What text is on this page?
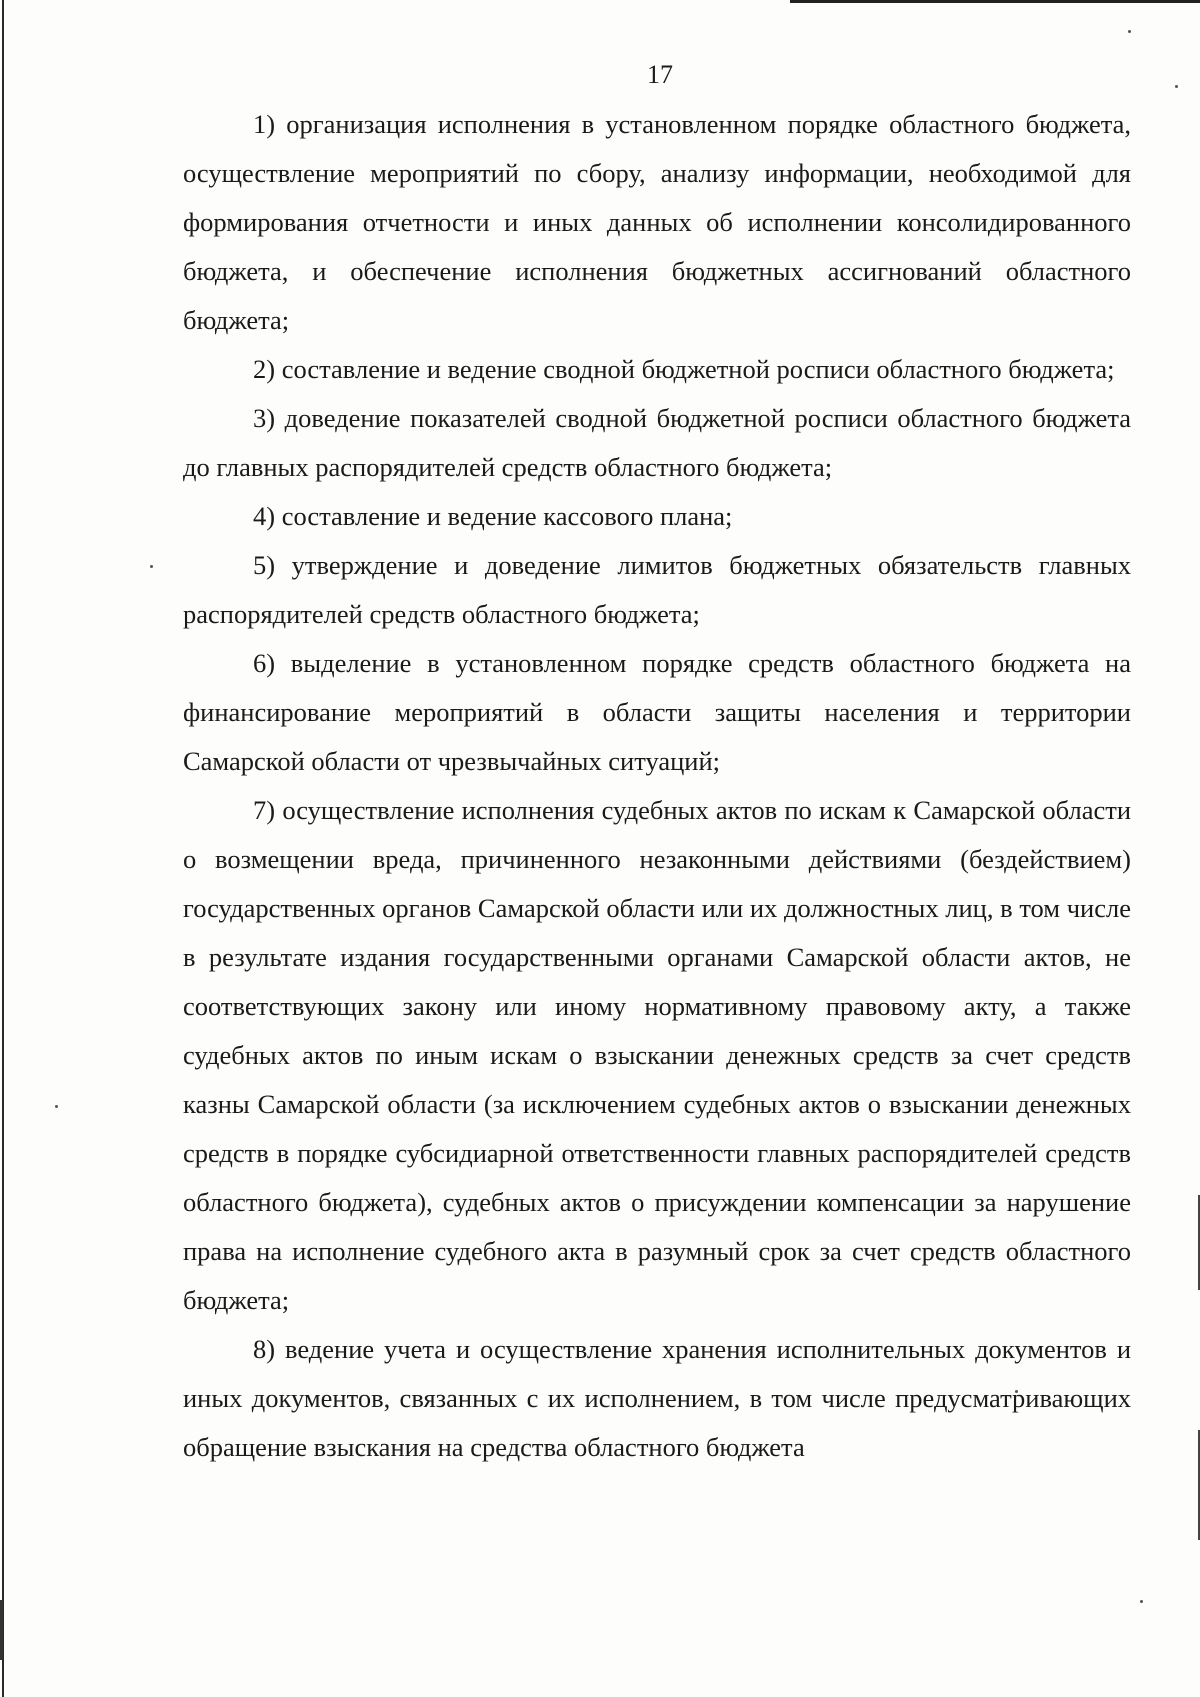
17

1) организация исполнения в установленном порядке областного бюджета, осуществление мероприятий по сбору, анализу информации, необходимой для формирования отчетности и иных данных об исполнении консолидированного бюджета, и обеспечение исполнения бюджетных ассигнований областного бюджета;

2) составление и ведение сводной бюджетной росписи областного бюджета;

3) доведение показателей сводной бюджетной росписи областного бюджета до главных распорядителей средств областного бюджета;

4) составление и ведение кассового плана;

5) утверждение и доведение лимитов бюджетных обязательств главных распорядителей средств областного бюджета;

6) выделение в установленном порядке средств областного бюджета на финансирование мероприятий в области защиты населения и территории Самарской области от чрезвычайных ситуаций;

7) осуществление исполнения судебных актов по искам к Самарской области о возмещении вреда, причиненного незаконными действиями (бездействием) государственных органов Самарской области или их должностных лиц, в том числе в результате издания государственными органами Самарской области актов, не соответствующих закону или иному нормативному правовому акту, а также судебных актов по иным искам о взыскании денежных средств за счет средств казны Самарской области (за исключением судебных актов о взыскании денежных средств в порядке субсидиарной ответственности главных распорядителей средств областного бюджета), судебных актов о присуждении компенсации за нарушение права на исполнение судебного акта в разумный срок за счет средств областного бюджета;

8) ведение учета и осуществление хранения исполнительных документов и иных документов, связанных с их исполнением, в том числе предусматривающих обращение взыскания на средства областного бюджета
